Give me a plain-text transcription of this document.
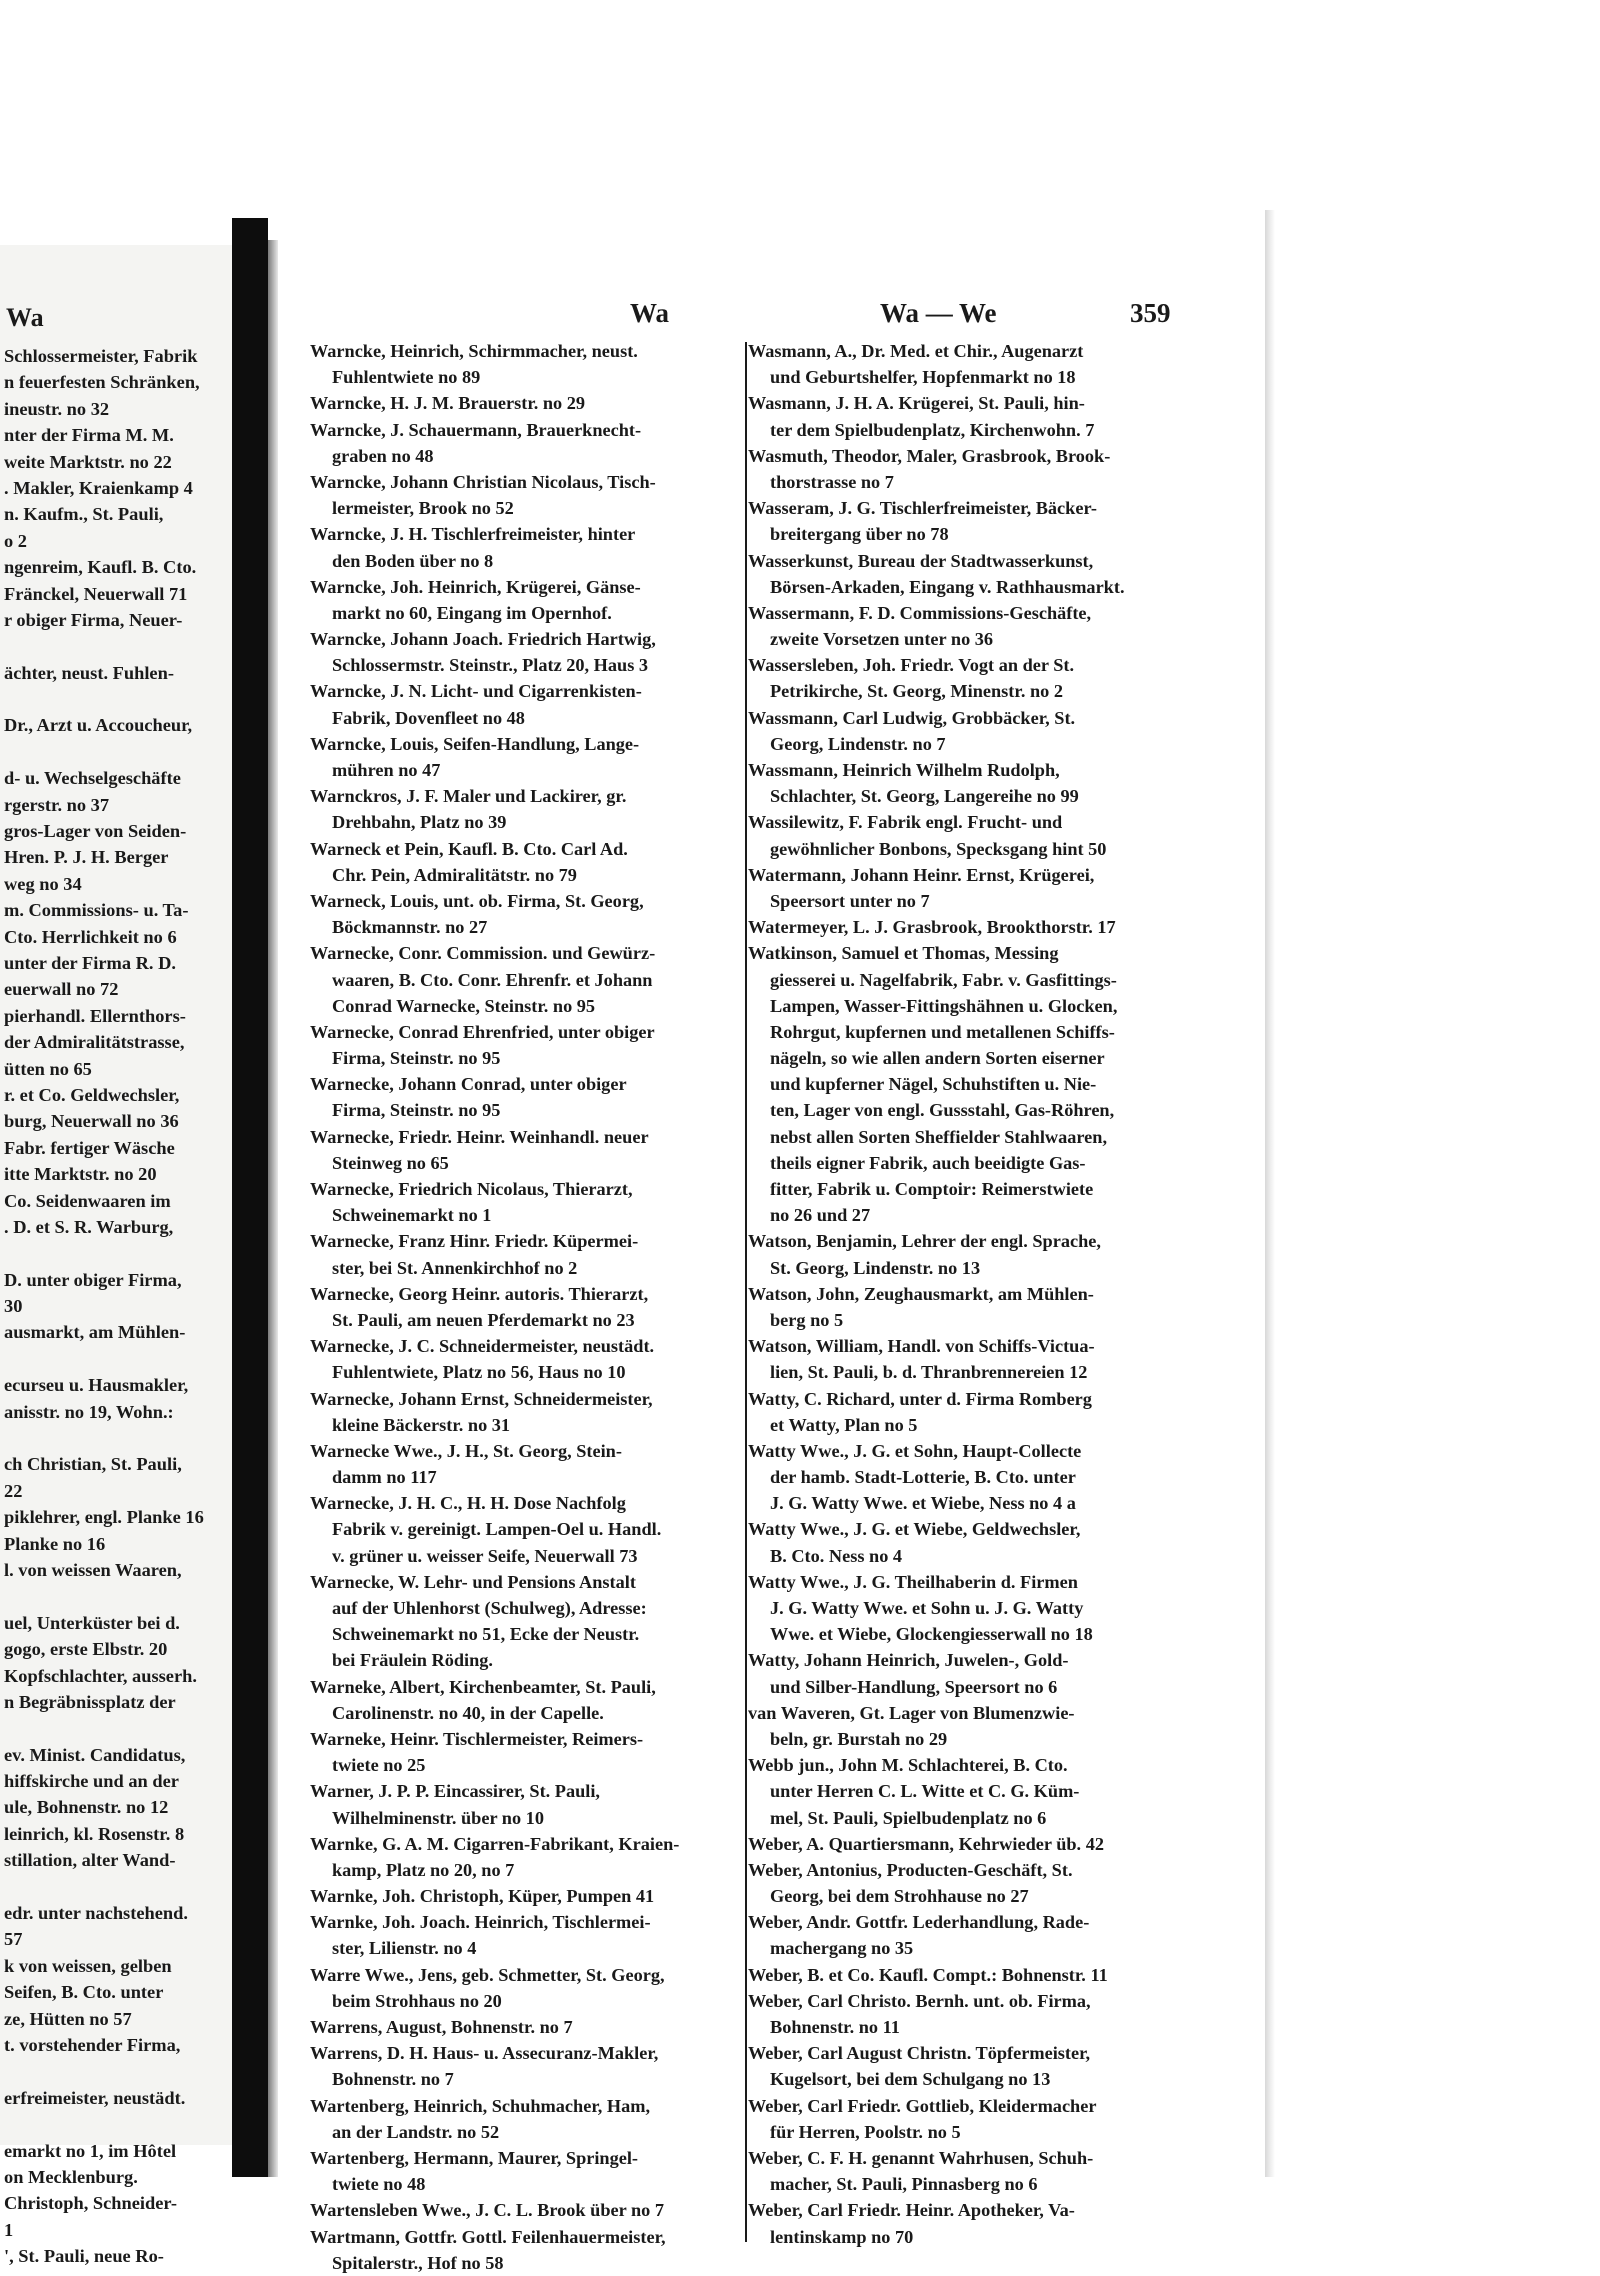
Wa
Schlossermeister, Fabrik
n feuerfesten Schränken,
ineustr. no 32
nter der Firma M. M.
weite Marktstr. no 22
. Makler, Kraienkamp 4
n. Kaufm., St. Pauli,
o 2
ngenreim, Kaufl. B. Cto.
Fränckel, Neuerwall 71
r obiger Firma, Neuer-
ächter, neust. Fuhlen-
Dr., Arzt u. Accoucheur,
d- u. Wechselgeschäfte
rgerstr. no 37
gros-Lager von Seiden-
Hren. P. J. H. Berger
weg no 34
m. Commissions- u. Ta-
Cto. Herrlichkeit no 6
unter der Firma R. D.
euerwall no 72
pierhandl. Ellernthors-
der Admiralitätstrasse,
ütten no 65
r. et Co. Geldwechsler,
burg, Neuerwall no 36
Fabr. fertiger Wäsche
itte Marktstr. no 20
Co. Seidenwaaren im
. D. et S. R. Warburg,
D. unter obiger Firma,
30
ausmarkt, am Mühlen-
ecurseu u. Hausmakler,
anisstr. no 19, Wohn.:
ch Christian, St. Pauli,
22
piklehrer, engl. Planke 16
Planke no 16
l. von weissen Waaren,
uel, Unterküster bei d.
gogo, erste Elbstr. 20
Kopfschlachter, ausserh.
n Begräbnissplatz der
ev. Minist. Candidatus,
hiffskirche und an der
ule, Bohnenstr. no 12
leinrich, kl. Rosenstr. 8
stillation, alter Wand-
edr. unter nachstehend.
57
k von weissen, gelben
Seifen, B. Cto. unter
ze, Hütten no 57
t. vorstehender Firma,
erfreimeister, neustädt.
emarkt no 1, im Hôtel
on Mecklenburg.
Christoph, Schneider-
1
', St. Pauli, neue Ro-
Wa	Wa — We	359
Warncke, Heinrich, Schirmmacher, neust.
Fuhlentwiete no 89
Warncke, H. J. M. Brauerstr. no 29
Warncke, J. Schauermann, Brauerknecht-
graben no 48
Warncke, Johann Christian Nicolaus, Tisch-
lermeister, Brook no 52
Warncke, J. H. Tischlerfreimeister, hinter
den Boden über no 8
Warncke, Joh. Heinrich, Krügerei, Gänse-
markt no 60, Eingang im Opernhof.
Warncke, Johann Joach. Friedrich Hartwig,
Schlossermstr. Steinstr., Platz 20, Haus 3
Warncke, J. N. Licht- und Cigarrenkisten-
Fabrik, Dovenfleet no 48
Warncke, Louis, Seifen-Handlung, Lange-
mühren no 47
Warnckros, J. F. Maler und Lackirer, gr.
Drehbahn, Platz no 39
Warneck et Pein, Kaufl. B. Cto. Carl Ad.
Chr. Pein, Admiralitätstr. no 79
Warneck, Louis, unt. ob. Firma, St. Georg,
Böckmannstr. no 27
Warnecke, Conr. Commission. und Gewürz-
waaren, B. Cto. Conr. Ehrenfr. et Johann
Conrad Warnecke, Steinstr. no 95
Warnecke, Conrad Ehrenfried, unter obiger
Firma, Steinstr. no 95
Warnecke, Johann Conrad, unter obiger
Firma, Steinstr. no 95
Warnecke, Friedr. Heinr. Weinhandl. neuer
Steinweg no 65
Warnecke, Friedrich Nicolaus, Thierarzt,
Schweinemarkt no 1
Warnecke, Franz Hinr. Friedr. Küpermei-
ster, bei St. Annenkirchhof no 2
Warnecke, Georg Heinr. autoris. Thierarzt,
St. Pauli, am neuen Pferdemarkt no 23
Warnecke, J. C. Schneidermeister, neustädt.
Fuhlentwiete, Platz no 56, Haus no 10
Warnecke, Johann Ernst, Schneidermeister,
kleine Bäckerstr. no 31
Warnecke Wwe., J. H., St. Georg, Stein-
damm no 117
Warnecke, J. H. C., H. H. Dose Nachfolg
Fabrik v. gereinigt. Lampen-Oel u. Handl.
v. grüner u. weisser Seife, Neuerwall 73
Warnecke, W. Lehr- und Pensions Anstalt
auf der Uhlenhorst (Schulweg), Adresse:
Schweinemarkt no 51, Ecke der Neustr.
bei Fräulein Röding.
Warneke, Albert, Kirchenbeamter, St. Pauli,
Carolinenstr. no 40, in der Capelle.
Warneke, Heinr. Tischlermeister, Reimers-
twiete no 25
Warner, J. P. P. Eincassirer, St. Pauli,
Wilhelminenstr. über no 10
Warnke, G. A. M. Cigarren-Fabrikant, Kraien-
kamp, Platz no 20, no 7
Warnke, Joh. Christoph, Küper, Pumpen 41
Warnke, Joh. Joach. Heinrich, Tischlermei-
ster, Lilienstr. no 4
Warre Wwe., Jens, geb. Schmetter, St. Georg,
beim Strohhaus no 20
Warrens, August, Bohnenstr. no 7
Warrens, D. H. Haus- u. Assecuranz-Makler,
Bohnenstr. no 7
Wartenberg, Heinrich, Schuhmacher, Ham,
an der Landstr. no 52
Wartenberg, Hermann, Maurer, Springel-
twiete no 48
Wartensleben Wwe., J. C. L. Brook über no 7
Wartmann, Gottfr. Gottl. Feilenhauermeister,
Spitalerstr., Hof no 58
Wasmann, A., Dr. Med. et Chir., Augenarzt
und Geburtshelfer, Hopfenmarkt no 18
Wasmann, J. H. A. Krügerei, St. Pauli, hin-
ter dem Spielbudenplatz, Kirchenwohn. 7
Wasmuth, Theodor, Maler, Grasbrook, Brook-
thorstrasse no 7
Wasseram, J. G. Tischlerfreimeister, Bäcker-
breitergang über no 78
Wasserkunst, Bureau der Stadtwasserkunst,
Börsen-Arkaden, Eingang v. Rathhausmarkt.
Wassermann, F. D. Commissions-Geschäfte,
zweite Vorsetzen unter no 36
Wassersleben, Joh. Friedr. Vogt an der St.
Petrikirche, St. Georg, Minenstr. no 2
Wassmann, Carl Ludwig, Grobbäcker, St.
Georg, Lindenstr. no 7
Wassmann, Heinrich Wilhelm Rudolph,
Schlachter, St. Georg, Langereihe no 99
Wassilewitz, F. Fabrik engl. Frucht- und
gewöhnlicher Bonbons, Specksgang hint 50
Watermann, Johann Heinr. Ernst, Krügerei,
Speersort unter no 7
Watermeyer, L. J. Grasbrook, Brookthorstr. 17
Watkinson, Samuel et Thomas, Messing
giesserei u. Nagelfabrik, Fabr. v. Gasfittings-
Lampen, Wasser-Fittingshähnen u. Glocken,
Rohrgut, kupfernen und metallenen Schiffs-
nägeln, so wie allen andern Sorten eiserner
und kupferner Nägel, Schuhstiften u. Nie-
ten, Lager von engl. Gussstahl, Gas-Röhren,
nebst allen Sorten Sheffielder Stahlwaaren,
theils eigner Fabrik, auch beeidigte Gas-
fitter, Fabrik u. Comptoir: Reimerstwiete
no 26 und 27
Watson, Benjamin, Lehrer der engl. Sprache,
St. Georg, Lindenstr. no 13
Watson, John, Zeughausmarkt, am Mühlen-
berg no 5
Watson, William, Handl. von Schiffs-Victua-
lien, St. Pauli, b. d. Thranbrennereien 12
Watty, C. Richard, unter d. Firma Romberg
et Watty, Plan no 5
Watty Wwe., J. G. et Sohn, Haupt-Collecte
der hamb. Stadt-Lotterie, B. Cto. unter
J. G. Watty Wwe. et Wiebe, Ness no 4 a
Watty Wwe., J. G. et Wiebe, Geldwechsler,
B. Cto. Ness no 4
Watty Wwe., J. G. Theilhaberin d. Firmen
J. G. Watty Wwe. et Sohn u. J. G. Watty
Wwe. et Wiebe, Glockengiesserwall no 18
Watty, Johann Heinrich, Juwelen-, Gold-
und Silber-Handlung, Speersort no 6
van Waveren, Gt. Lager von Blumenzwie-
beln, gr. Burstah no 29
Webb jun., John M. Schlachterei, B. Cto.
unter Herren C. L. Witte et C. G. Küm-
mel, St. Pauli, Spielbudenplatz no 6
Weber, A. Quartiersmann, Kehrwieder üb. 42
Weber, Antonius, Producten-Geschäft, St.
Georg, bei dem Strohhause no 27
Weber, Andr. Gottfr. Lederhandlung, Rade-
machergang no 35
Weber, B. et Co. Kaufl. Compt.: Bohnenstr. 11
Weber, Carl Christo. Bernh. unt. ob. Firma,
Bohnenstr. no 11
Weber, Carl August Christn. Töpfermeister,
Kugelsort, bei dem Schulgang no 13
Weber, Carl Friedr. Gottlieb, Kleidermacher
für Herren, Poolstr. no 5
Weber, C. F. H. genannt Wahrhusen, Schuh-
macher, St. Pauli, Pinnasberg no 6
Weber, Carl Friedr. Heinr. Apotheker, Va-
lentinskamp no 70
